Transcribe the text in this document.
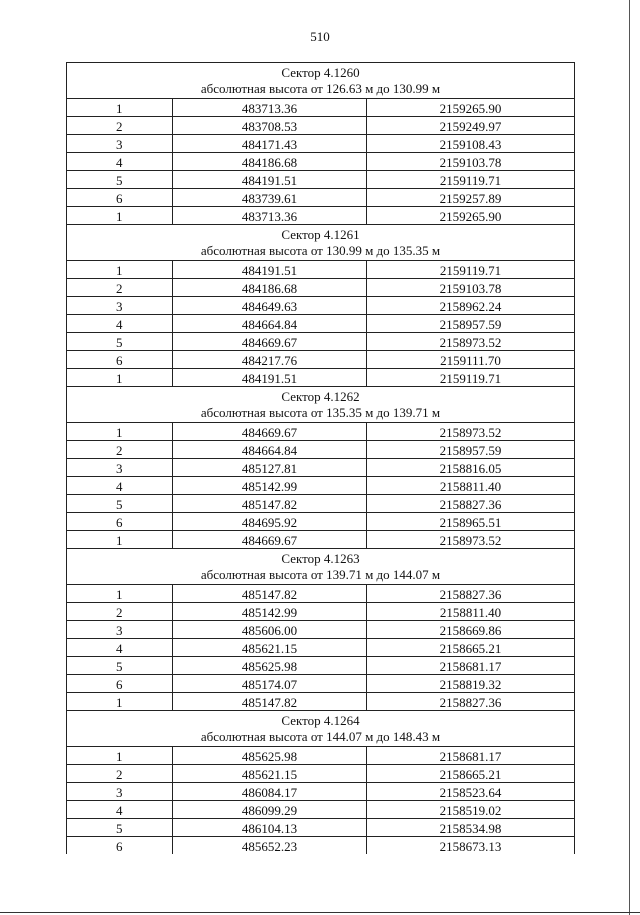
510
Сектор 4.1260
абсолютная высота от 126.63 м до 130.99 м		

1	483713.36	2159265.90
2	483708.53	2159249.97
3	484171.43	2159108.43
4	484186.68	2159103.78
5	484191.51	2159119.71
6	483739.61	2159257.89
1	483713.36	2159265.90

Сектор 4.1261
абсолютная высота от 130.99 м до 135.35 м		

1	484191.51	2159119.71
2	484186.68	2159103.78
3	484649.63	2158962.24
4	484664.84	2158957.59
5	484669.67	2158973.52
6	484217.76	2159111.70
1	484191.51	2159119.71

Сектор 4.1262
абсолютная высота от 135.35 м до 139.71 м		

1	484669.67	2158973.52
2	484664.84	2158957.59
3	485127.81	2158816.05
4	485142.99	2158811.40
5	485147.82	2158827.36
6	484695.92	2158965.51
1	484669.67	2158973.52

Сектор 4.1263
абсолютная высота от 139.71 м до 144.07 м		

1	485147.82	2158827.36
2	485142.99	2158811.40
3	485606.00	2158669.86
4	485621.15	2158665.21
5	485625.98	2158681.17
6	485174.07	2158819.32
1	485147.82	2158827.36

Сектор 4.1264
абсолютная высота от 144.07 м до 148.43 м		

1	485625.98	2158681.17
2	485621.15	2158665.21
3	486084.17	2158523.64
4	486099.29	2158519.02
5	486104.13	2158534.98
6	485652.23	2158673.13
